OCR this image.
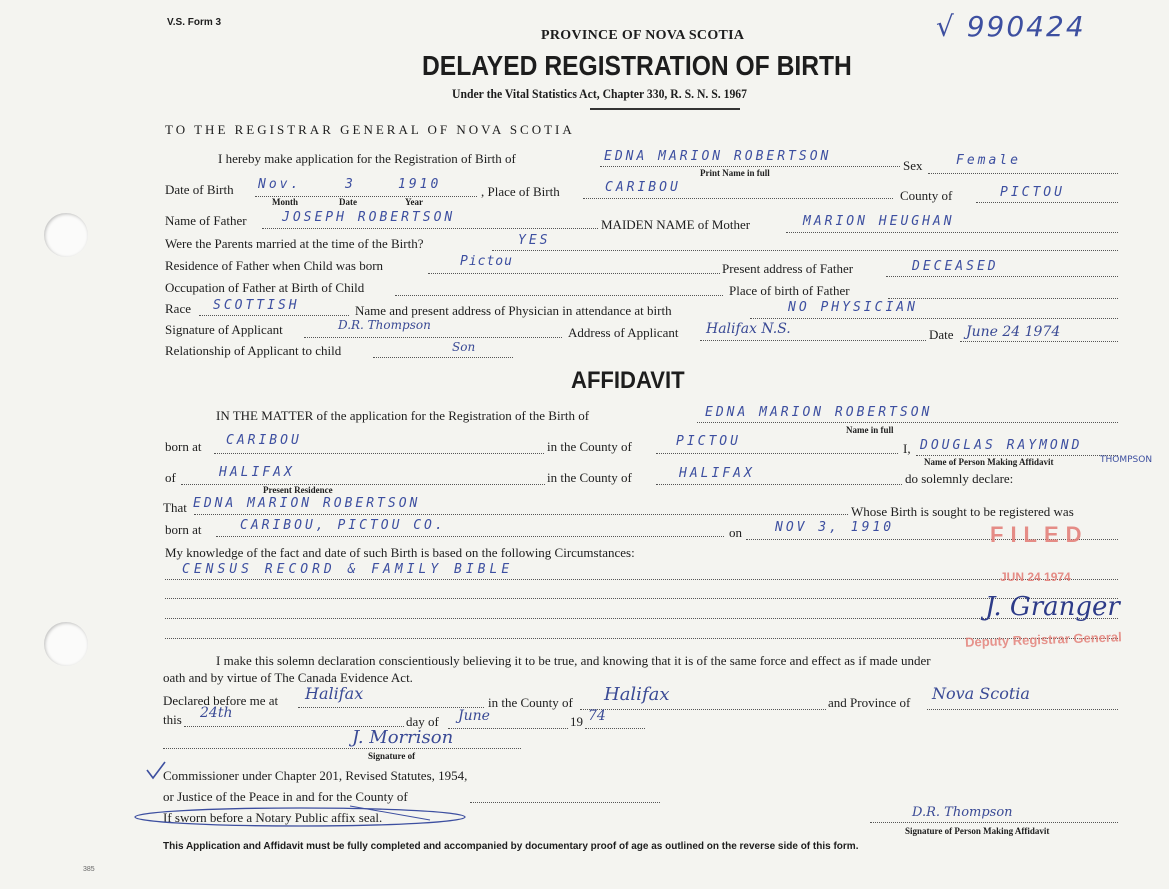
V.S. Form 3
PROVINCE OF NOVA SCOTIA
DELAYED REGISTRATION OF BIRTH
Under the Vital Statistics Act, Chapter 330, R. S. N. S. 1967
√ 990424
TO THE REGISTRAR GENERAL OF NOVA SCOTIA
I hereby make application for the Registration of Birth of	EDNA MARION ROBERTSON
Print Name in full	Sex	Female
Date of Birth Nov.	3	1910
Month	Date	Year
, Place of Birth	CARIBOU
County of	PICTOU
Name of Father	JOSEPH ROBERTSON	MAIDEN NAME of Mother	MARION HEUGHAN
Were the Parents married at the time of the Birth?	YES
Residence of Father when Child was born	Pictou	Present address of Father	DECEASED
Occupation of Father at Birth of Child	Place of birth of Father
Race SCOTTISH	Name and present address of Physician in attendance at birth	NO PHYSICIAN
Signature of Applicant	D.R. Thompson	Address of Applicant Halifax N.S.	Date June 24 1974
Relationship of Applicant to child	Son
AFFIDAVIT
IN THE MATTER of the application for the Registration of the Birth of	EDNA MARION ROBERTSON
Name in full
born at CARIBOU	in the County of	PICTOU	I, DOUGLAS RAYMOND
THOMPSON
Name of Person Making Affidavit
of	HALIFAX
Present Residence
in the County of	HALIFAX	do solemnly declare:
That EDNA MARION ROBERTSON
Whose Birth is sought to be registered was
born at	CARIBOU, PICTOU CO.	on	NOV 3, 1910
My knowledge of the fact and date of such Birth is based on the following Circumstances:
CENSUS RECORD & FAMILY BIBLE
I make this solemn declaration conscientiously believing it to be true, and knowing that it is of the same force and effect as if made under
oath and by virtue of The Canada Evidence Act.
Declared before me at Halifax	in the County of Halifax	and Province of Nova Scotia
this 24th
day of June	19 74
J. Morrison
Signature of
Commissioner under Chapter 201, Revised Statutes, 1954,
or Justice of the Peace in and for the County of
If sworn before a Notary Public affix seal.	D.R. Thompson
Signature of Person Making Affidavit
This Application and Affidavit must be fully completed and accompanied by documentary proof of age as outlined on the reverse side of this form.
385
FILED
JUN 24 1974
J. Granger
Deputy Registrar General
